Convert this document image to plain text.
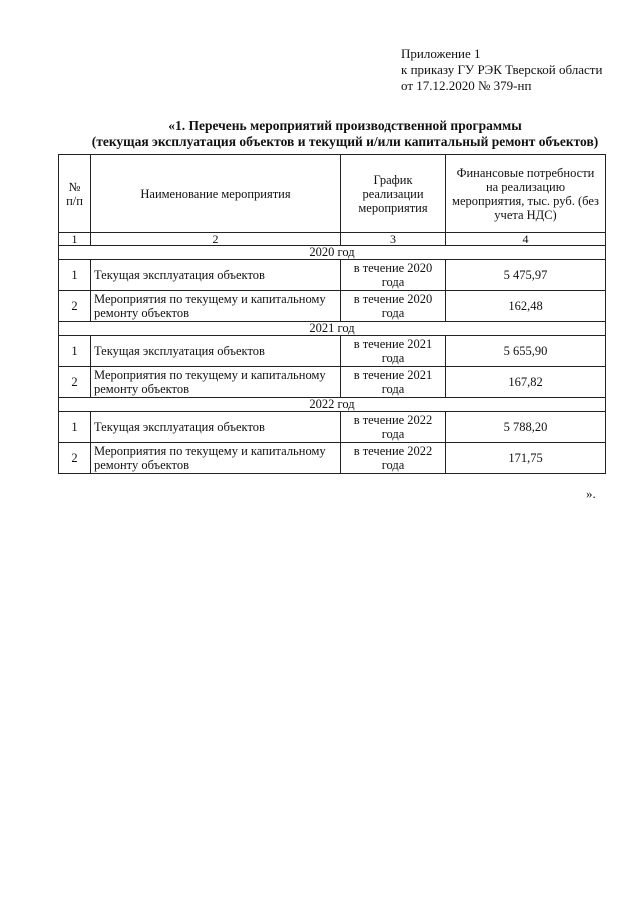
Приложение 1
к приказу ГУ РЭК Тверской области
от 17.12.2020 № 379-нп
«1. Перечень мероприятий производственной программы
(текущая эксплуатация объектов и текущий и/или капитальный ремонт объектов)
№ п/п	Наименование мероприятия	График реализации мероприятия	Финансовые потребности на реализацию мероприятия, тыс. руб. (без учета НДС)
1	2	3	4
2020 год			
1	Текущая эксплуатация объектов	в течение 2020 года	5 475,97
2	Мероприятия по текущему и капитальному ремонту объектов	в течение 2020 года	162,48
2021 год			
1	Текущая эксплуатация объектов	в течение 2021 года	5 655,90
2	Мероприятия по текущему и капитальному ремонту объектов	в течение 2021 года	167,82
2022 год			
1	Текущая эксплуатация объектов	в течение 2022 года	5 788,20
2	Мероприятия по текущему и капитальному ремонту объектов	в течение 2022 года	171,75
».
